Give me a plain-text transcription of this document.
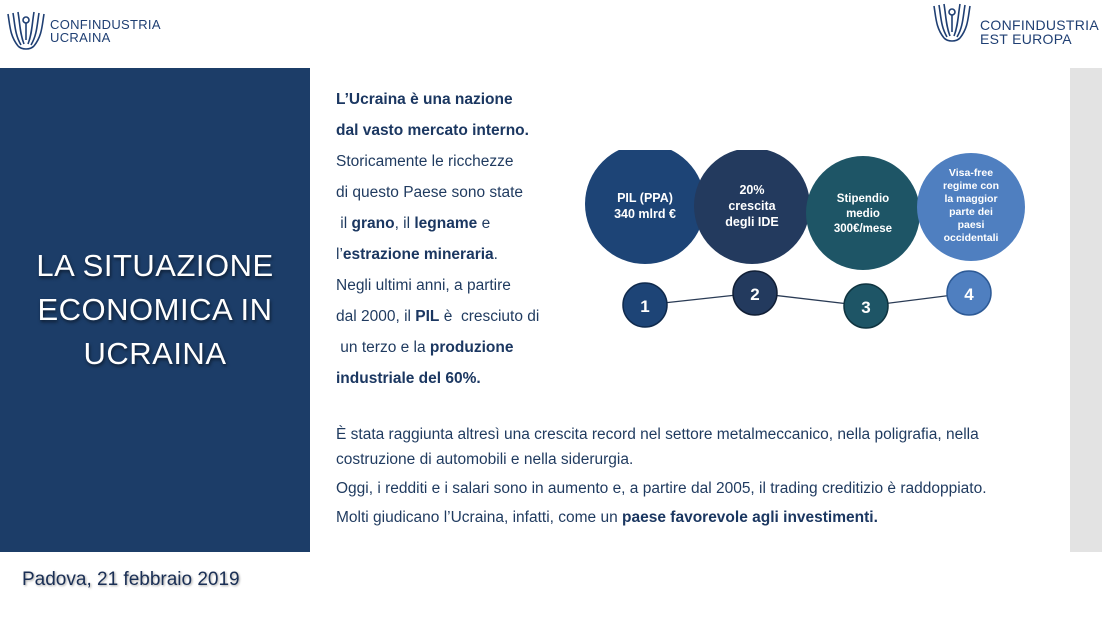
CONFINDUSTRIA
UCRAINA
CONFINDUSTRIA
EST EUROPA
LA SITUAZIONE
ECONOMICA IN
UCRAINA
Padova, 21 febbraio 2019
L’Ucraina è una nazione
dal vasto mercato interno.
Storicamente le ricchezze
di questo Paese sono state
il grano, il legname e
l’estrazione mineraria.
Negli ultimi anni, a partire
dal 2000, il PIL è  cresciuto di
un terzo e la produzione
industriale del 60%.
PIL (PPA)
340 mlrd €
20%
crescita
degli IDE
Stipendio
medio
300€/mese
Visa-free
regime con
la maggior
parte dei
paesi
occidentali
1
2
3
4

È stata raggiunta altresì una crescita record nel settore metalmeccanico, nella poligrafia, nella costruzione di automobili e nella siderurgia.

Oggi, i redditi e i salari sono in aumento e, a partire dal 2005, il trading creditizio è raddoppiato.

Molti giudicano l’Ucraina, infatti, come un paese favorevole agli investimenti.
